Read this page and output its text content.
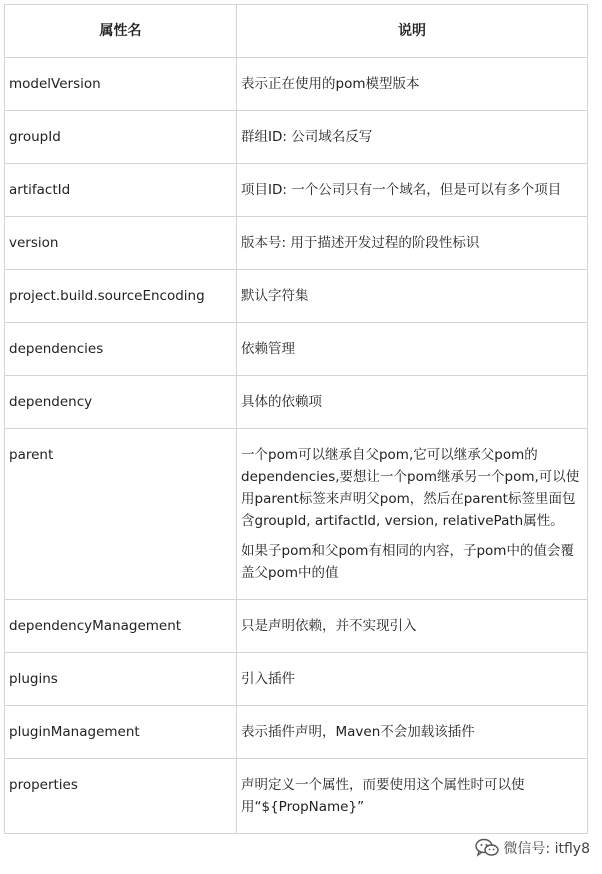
属性名	说明
modelVersion	表示正在使用的pom模型版本

groupId	群组ID: 公司域名反写

artifactId	项目ID: 一个公司只有一个域名，但是可以有多个项目

version	版本号: 用于描述开发过程的阶段性标识

project.build.sourceEncoding	默认字符集

dependencies	依赖管理

dependency	具体的依赖项

parent	一个pom可以继承自父pom,它可以继承父pom的dependencies,要想让一个pom继承另一个pom,可以使用parent标签来声明父pom，然后在parent标签里面包含groupId, artifactId, version, relativePath属性。

如果子pom和父pom有相同的内容，子pom中的值会覆盖父pom中的值

dependencyManagement	只是声明依赖，并不实现引入

plugins	引入插件

pluginManagement	表示插件声明，Maven不会加载该插件

properties	声明定义一个属性，而要使用这个属性时可以使用“${PropName}”

微信号: itfly8
